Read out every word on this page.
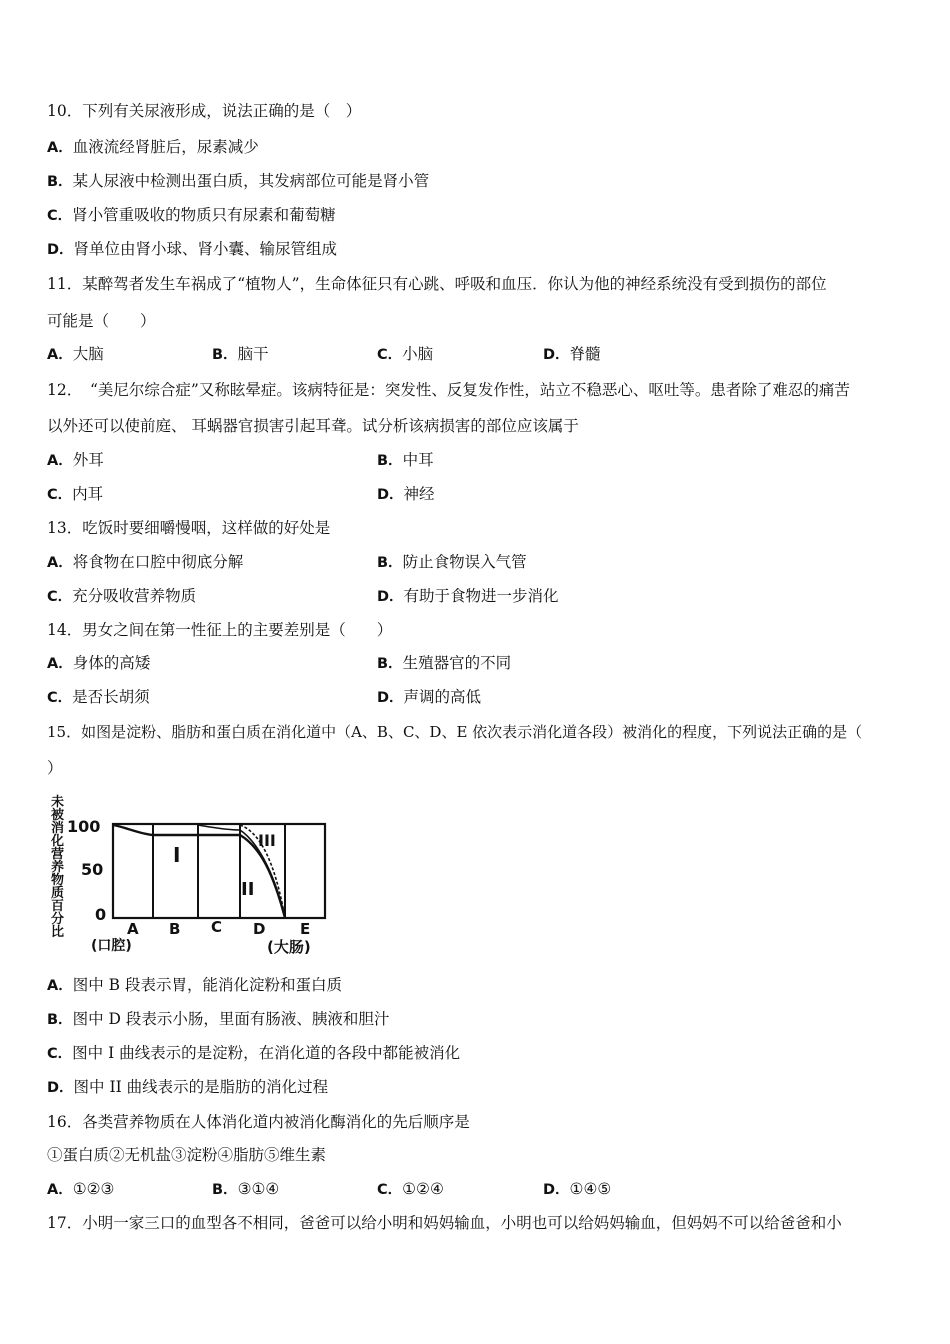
10．下列有关尿液形成，说法正确的是（　）
A．血液流经肾脏后，尿素减少
B．某人尿液中检测出蛋白质，其发病部位可能是肾小管
C．肾小管重吸收的物质只有尿素和葡萄糖
D．肾单位由肾小球、肾小囊、输尿管组成
11．某醉驾者发生车祸成了“植物人”，生命体征只有心跳、呼吸和血压．你认为他的神经系统没有受到损伤的部位
可能是（　　）
A．大脑	B．脑干	C．小脑	D．脊髓
12．　“美尼尔综合症”又称眩晕症。该病特征是：突发性、反复发作性，站立不稳恶心、呕吐等。患者除了难忍的痛苦
以外还可以使前庭、 耳蜗器官损害引起耳聋。试分析该病损害的部位应该属于
A．外耳	B．中耳
C．内耳	D．神经
13．吃饭时要细嚼慢咽，这样做的好处是
A．将食物在口腔中彻底分解	B．防止食物误入气管
C．充分吸收营养物质	D．有助于食物进一步消化
14．男女之间在第一性征上的主要差别是（　　）
A．身体的高矮	B．生殖器官的不同
C．是否长胡须	D．声调的高低
15．如图是淀粉、脂肪和蛋白质在消化道中（A、B、C、D、E 依次表示消化道各段）被消化的程度，下列说法正确的是（
）
未
被
消
化
营
养
物
质
百
分
比
100
50
0
I
II
III
A B C D E
(口腔)	(大肠)
A．图中 B 段表示胃，能消化淀粉和蛋白质
B．图中 D 段表示小肠，里面有肠液、胰液和胆汁
C．图中 I 曲线表示的是淀粉，在消化道的各段中都能被消化
D．图中 II 曲线表示的是脂肪的消化过程
16．各类营养物质在人体消化道内被消化酶消化的先后顺序是
①蛋白质②无机盐③淀粉④脂肪⑤维生素
A．①②③	B．③①④	C．①②④	D．①④⑤
17．小明一家三口的血型各不相同，爸爸可以给小明和妈妈输血，小明也可以给妈妈输血，但妈妈不可以给爸爸和小
